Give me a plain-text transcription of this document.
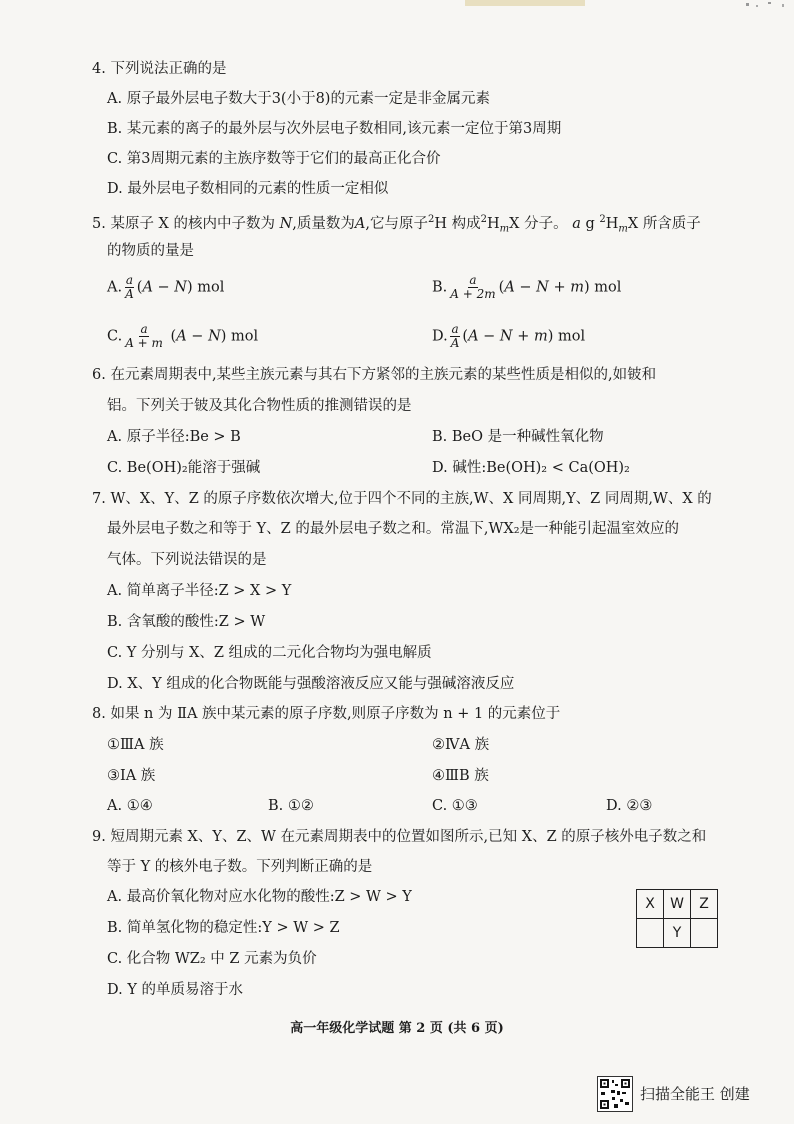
4. 下列说法正确的是
A. 原子最外层电子数大于3(小于8)的元素一定是非金属元素
B. 某元素的离子的最外层与次外层电子数相同,该元素一定位于第3周期
C. 第3周期元素的主族序数等于它们的最高正化合价
D. 最外层电子数相同的元素的性质一定相似
5. 某原子 X 的核内中子数为 N,质量数为A,它与原子$^2$H 构成$^2H_mX$ 分子。 a g $^2H_mX$ 所含质子
的物质的量是
A. $\frac{a}{A} (A - N)$ mol	B. $\frac{a}{A + 2m} (A - N + m)$ mol
C. $\frac{a}{A + m} (A - N)$ mol	D. $\frac{a}{A} (A - N + m)$ mol
6. 在元素周期表中,某些主族元素与其右下方紧邻的主族元素的某些性质是相似的,如铍和
铝。下列关于铍及其化合物性质的推测错误的是
A. 原子半径:Be > B	B. BeO 是一种碱性氧化物
C. Be(OH)₂能溶于强碱	D. 碱性:Be(OH)₂ < Ca(OH)₂
7. W、X、Y、Z 的原子序数依次增大,位于四个不同的主族,W、X 同周期,Y、Z 同周期,W、X 的
最外层电子数之和等于 Y、Z 的最外层电子数之和。常温下,WX₂是一种能引起温室效应的
气体。下列说法错误的是
A. 简单离子半径:Z > X > Y
B. 含氧酸的酸性:Z > W
C. Y 分别与 X、Z 组成的二元化合物均为强电解质
D. X、Y 组成的化合物既能与强酸溶液反应又能与强碱溶液反应
8. 如果 n 为 ⅡA 族中某元素的原子序数,则原子序数为 n + 1 的元素位于
①ⅢA 族	②ⅣA 族
③ⅠA 族	④ⅢB 族
A. ①④	B. ①②	C. ①③	D. ②③
9. 短周期元素 X、Y、Z、W 在元素周期表中的位置如图所示,已知 X、Z 的原子核外电子数之和
等于 Y 的核外电子数。下列判断正确的是
A. 最高价氧化物对应水化物的酸性:Z > W > Y
B. 简单氢化物的稳定性:Y > W > Z
C. 化合物 WZ₂ 中 Z 元素为负价
D. Y 的单质易溶于水
X	W	Z
	Y	
高一年级化学试题 第 2 页 (共 6 页)
扫描全能王 创建
